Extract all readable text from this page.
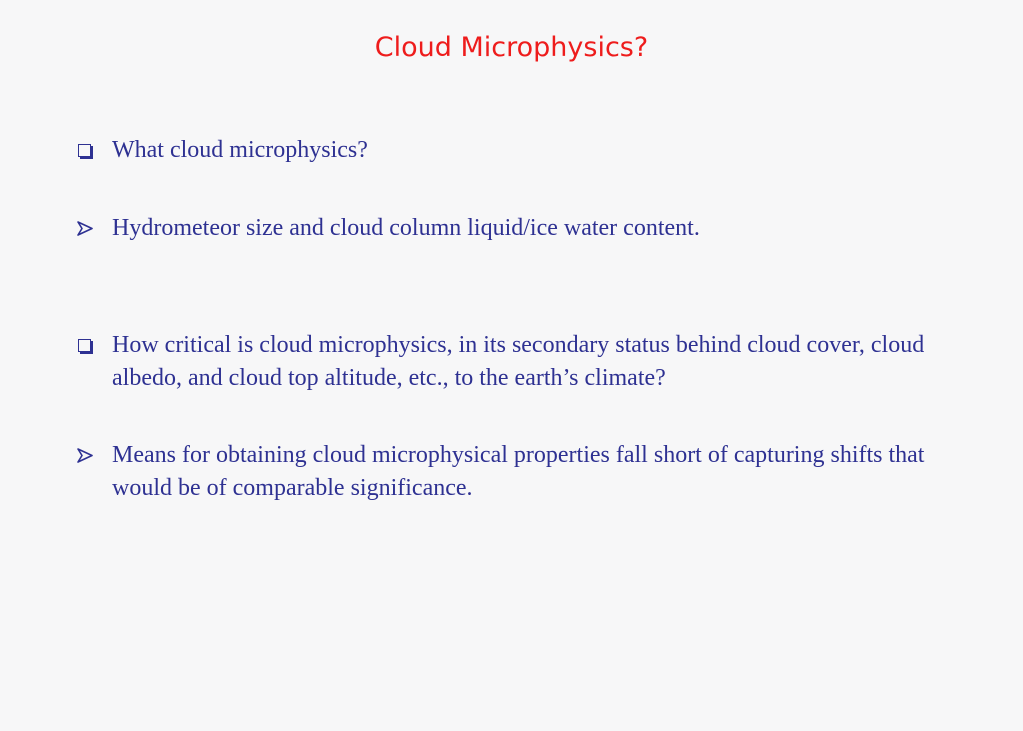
Cloud Microphysics?
What cloud microphysics?
Hydrometeor size and cloud column liquid/ice water content.
How critical is cloud microphysics, in its secondary status behind cloud cover, cloud albedo, and cloud top altitude, etc., to the earth’s climate?
Means for obtaining cloud microphysical properties fall short of capturing shifts that would be of comparable significance.
